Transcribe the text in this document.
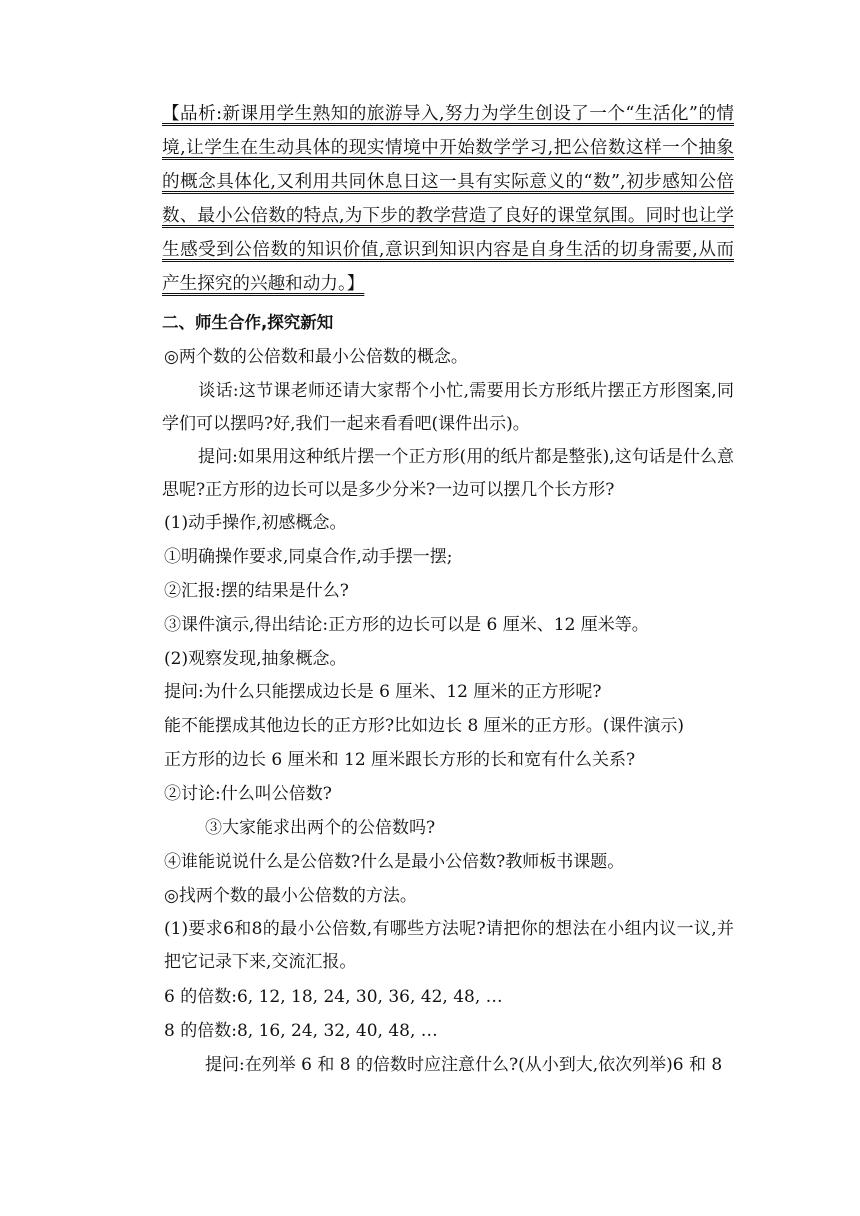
【品析:新课用学生熟知的旅游导入,努力为学生创设了一个“生活化”的情境,让学生在生动具体的现实情境中开始数学学习,把公倍数这样一个抽象的概念具体化,又利用共同休息日这一具有实际意义的“数”,初步感知公倍数、最小公倍数的特点,为下步的教学营造了良好的课堂氛围。同时也让学生感受到公倍数的知识价值,意识到知识内容是自身生活的切身需要,从而产生探究的兴趣和动力。】
二、师生合作,探究新知
◎两个数的公倍数和最小公倍数的概念。
谈话:这节课老师还请大家帮个小忙,需要用长方形纸片摆正方形图案,同学们可以摆吗?好,我们一起来看看吧(课件出示)。
提问:如果用这种纸片摆一个正方形(用的纸片都是整张),这句话是什么意思呢?正方形的边长可以是多少分米?一边可以摆几个长方形?
(1)动手操作,初感概念。
①明确操作要求,同桌合作,动手摆一摆;
②汇报:摆的结果是什么?
③课件演示,得出结论:正方形的边长可以是 6 厘米、12 厘米等。
(2)观察发现,抽象概念。
提问:为什么只能摆成边长是 6 厘米、12 厘米的正方形呢?
能不能摆成其他边长的正方形?比如边长 8 厘米的正方形。(课件演示)
正方形的边长 6 厘米和 12 厘米跟长方形的长和宽有什么关系?
②讨论:什么叫公倍数?
③大家能求出两个的公倍数吗?
④谁能说说什么是公倍数?什么是最小公倍数?教师板书课题。
◎找两个数的最小公倍数的方法。
(1)要求6和8的最小公倍数,有哪些方法呢?请把你的想法在小组内议一议,并把它记录下来,交流汇报。
6 的倍数:6, 12, 18, 24, 30, 36, 42, 48, …
8 的倍数:8, 16, 24, 32, 40, 48, …
提问:在列举 6 和 8 的倍数时应注意什么?(从小到大,依次列举)6 和 8
